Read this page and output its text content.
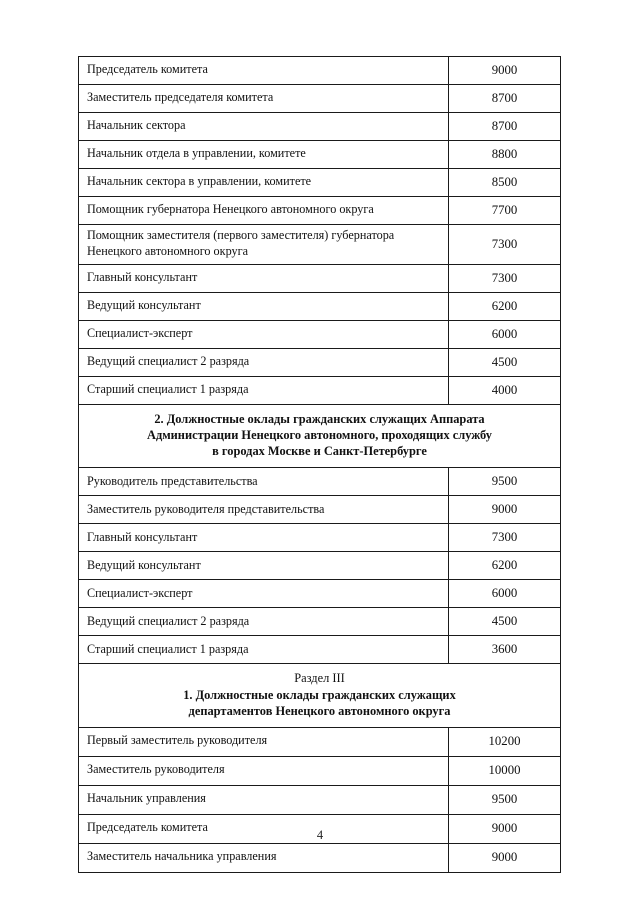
Председатель комитета	9000
Заместитель председателя комитета	8700
Начальник сектора	8700
Начальник отдела в управлении, комитете	8800
Начальник сектора в управлении, комитете	8500
Помощник губернатора Ненецкого автономного округа	7700
Помощник заместителя (первого заместителя) губернатора Ненецкого автономного округа	7300
Главный консультант	7300
Ведущий консультант	6200
Специалист-эксперт	6000
Ведущий специалист 2 разряда	4500
Старший специалист 1 разряда	4000

2. Должностные оклады гражданских служащих Аппарата
Администрации Ненецкого автономного, проходящих службу
в городах Москве и Санкт-Петербурге	

Руководитель представительства	9500
Заместитель руководителя представительства	9000
Главный консультант	7300
Ведущий консультант	6200
Специалист-эксперт	6000
Ведущий специалист 2 разряда	4500
Старший специалист 1 разряда	3600

Раздел III
1. Должностные оклады гражданских служащих
департаментов Ненецкого автономного округа	

Первый заместитель руководителя	10200
Заместитель руководителя	10000
Начальник управления	9500
Председатель комитета	9000
Заместитель начальника управления	9000
4
